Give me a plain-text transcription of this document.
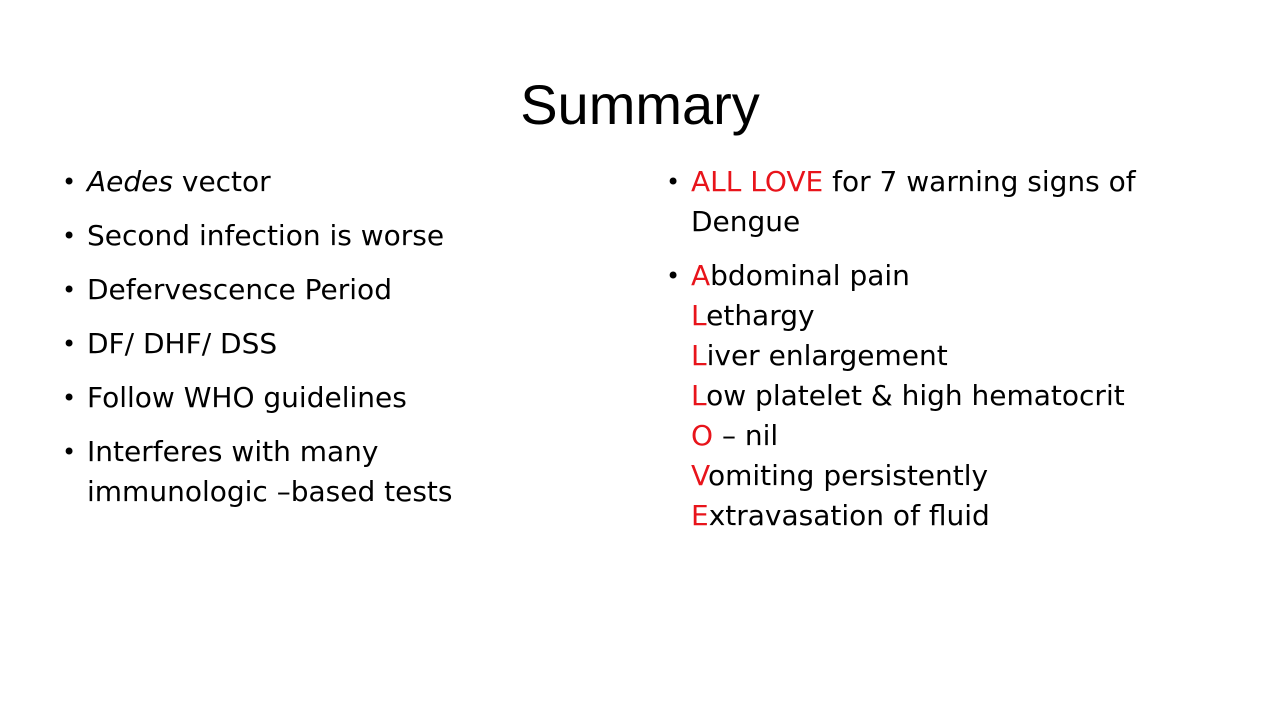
Summary
• Aedes vector
• Second infection is worse
• Defervescence Period
• DF/ DHF/ DSS
• Follow WHO guidelines
• Interferes with many immunologic –based tests
• ALL LOVE for 7 warning signs of Dengue
• Abdominal pain
Lethargy
Liver enlargement
Low platelet & high hematocrit
O – nil
Vomiting persistently
Extravasation of fluid
